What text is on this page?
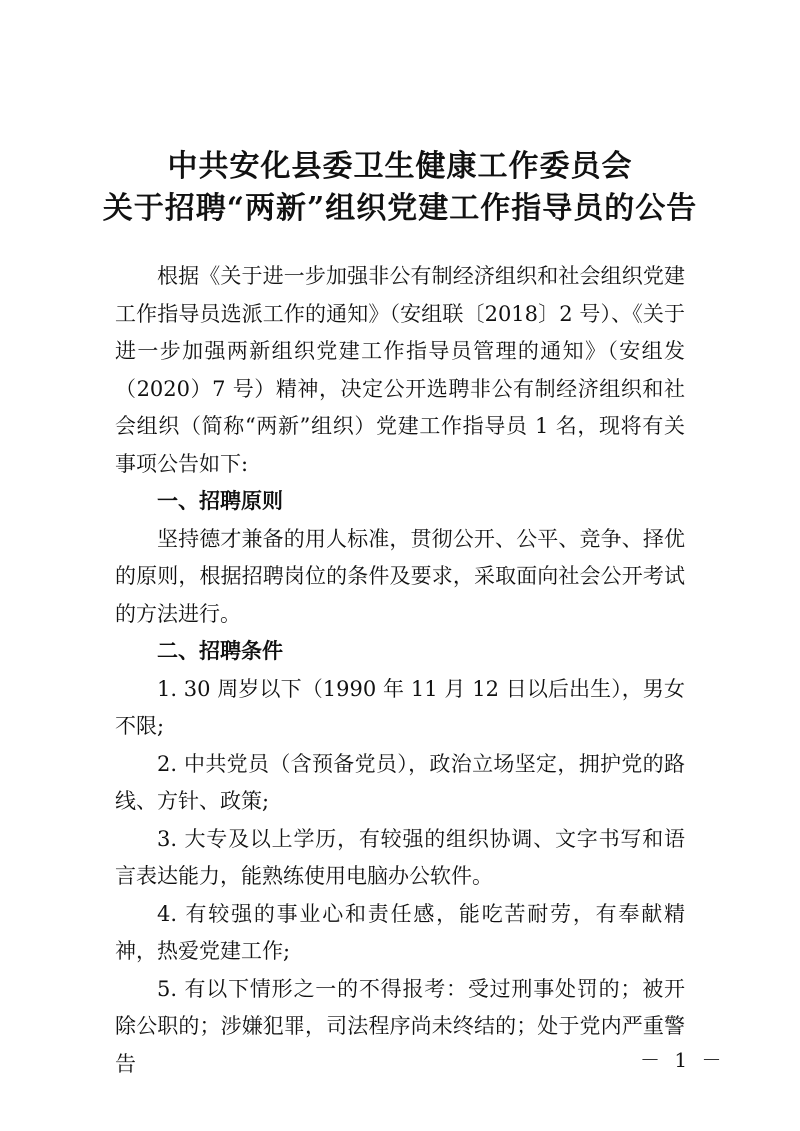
中共安化县委卫生健康工作委员会
关于招聘“两新”组织党建工作指导员的公告

根据《关于进一步加强非公有制经济组织和社会组织党建工作指导员选派工作的通知》（安组联〔2018〕2 号）、《关于进一步加强两新组织党建工作指导员管理的通知》（安组发（2020）7 号）精神，决定公开选聘非公有制经济组织和社会组织（简称“两新”组织）党建工作指导员 1 名，现将有关事项公告如下:

一、招聘原则

坚持德才兼备的用人标准，贯彻公开、公平、竞争、择优的原则，根据招聘岗位的条件及要求，采取面向社会公开考试的方法进行。

二、招聘条件

1. 30 周岁以下（1990 年 11 月 12 日以后出生），男女不限;

2. 中共党员（含预备党员），政治立场坚定，拥护党的路线、方针、政策;

3. 大专及以上学历，有较强的组织协调、文字书写和语言表达能力，能熟练使用电脑办公软件。

4. 有较强的事业心和责任感，能吃苦耐劳，有奉献精神，热爱党建工作;

5. 有以下情形之一的不得报考：受过刑事处罚的；被开除公职的；涉嫌犯罪，司法程序尚未终结的；处于党内严重警告	－ 1 －
